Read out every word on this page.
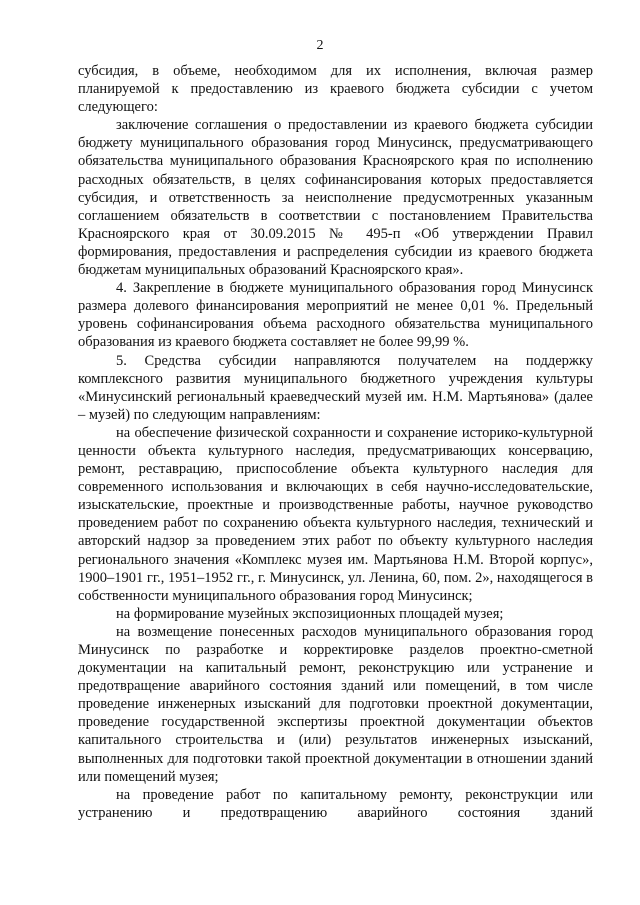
2

субсидия, в объеме, необходимом для их исполнения, включая размер планируемой к предоставлению из краевого бюджета субсидии с учетом следующего:

заключение соглашения о предоставлении из краевого бюджета субсидии бюджету муниципального образования город Минусинск, предусматривающего обязательства муниципального образования Красноярского края по исполнению расходных обязательств, в целях софинансирования которых предоставляется субсидия, и ответственность за неисполнение предусмотренных указанным соглашением обязательств в соответствии с постановлением Правительства Красноярского края от 30.09.2015 № 495-п «Об утверждении Правил формирования, предоставления и распределения субсидии из краевого бюджета бюджетам муниципальных образований Красноярского края».

4. Закрепление в бюджете муниципального образования город Минусинск размера долевого финансирования мероприятий не менее 0,01 %. Предельный уровень софинансирования объема расходного обязательства муниципального образования из краевого бюджета составляет не более 99,99 %.

5. Средства субсидии направляются получателем на поддержку комплексного развития муниципального бюджетного учреждения культуры «Минусинский региональный краеведческий музей им. Н.М. Мартьянова» (далее – музей) по следующим направлениям:

на обеспечение физической сохранности и сохранение историко-культурной ценности объекта культурного наследия, предусматривающих консервацию, ремонт, реставрацию, приспособление объекта культурного наследия для современного использования и включающих в себя научно-исследовательские, изыскательские, проектные и производственные работы, научное руководство проведением работ по сохранению объекта культурного наследия, технический и авторский надзор за проведением этих работ по объекту культурного наследия регионального значения «Комплекс музея им. Мартьянова Н.М. Второй корпус», 1900–1901 гг., 1951–1952 гг., г. Минусинск, ул. Ленина, 60, пом. 2», находящегося в собственности муниципального образования город Минусинск;

на формирование музейных экспозиционных площадей музея;

на возмещение понесенных расходов муниципального образования город Минусинск по разработке и корректировке разделов проектно-сметной документации на капитальный ремонт, реконструкцию или устранение и предотвращение аварийного состояния зданий или помещений, в том числе проведение инженерных изысканий для подготовки проектной документации, проведение государственной экспертизы проектной документации объектов капитального строительства и (или) результатов инженерных изысканий, выполненных для подготовки такой проектной документации в отношении зданий или помещений музея;

на проведение работ по капитальному ремонту, реконструкции или устранению и предотвращению аварийного состояния зданий
